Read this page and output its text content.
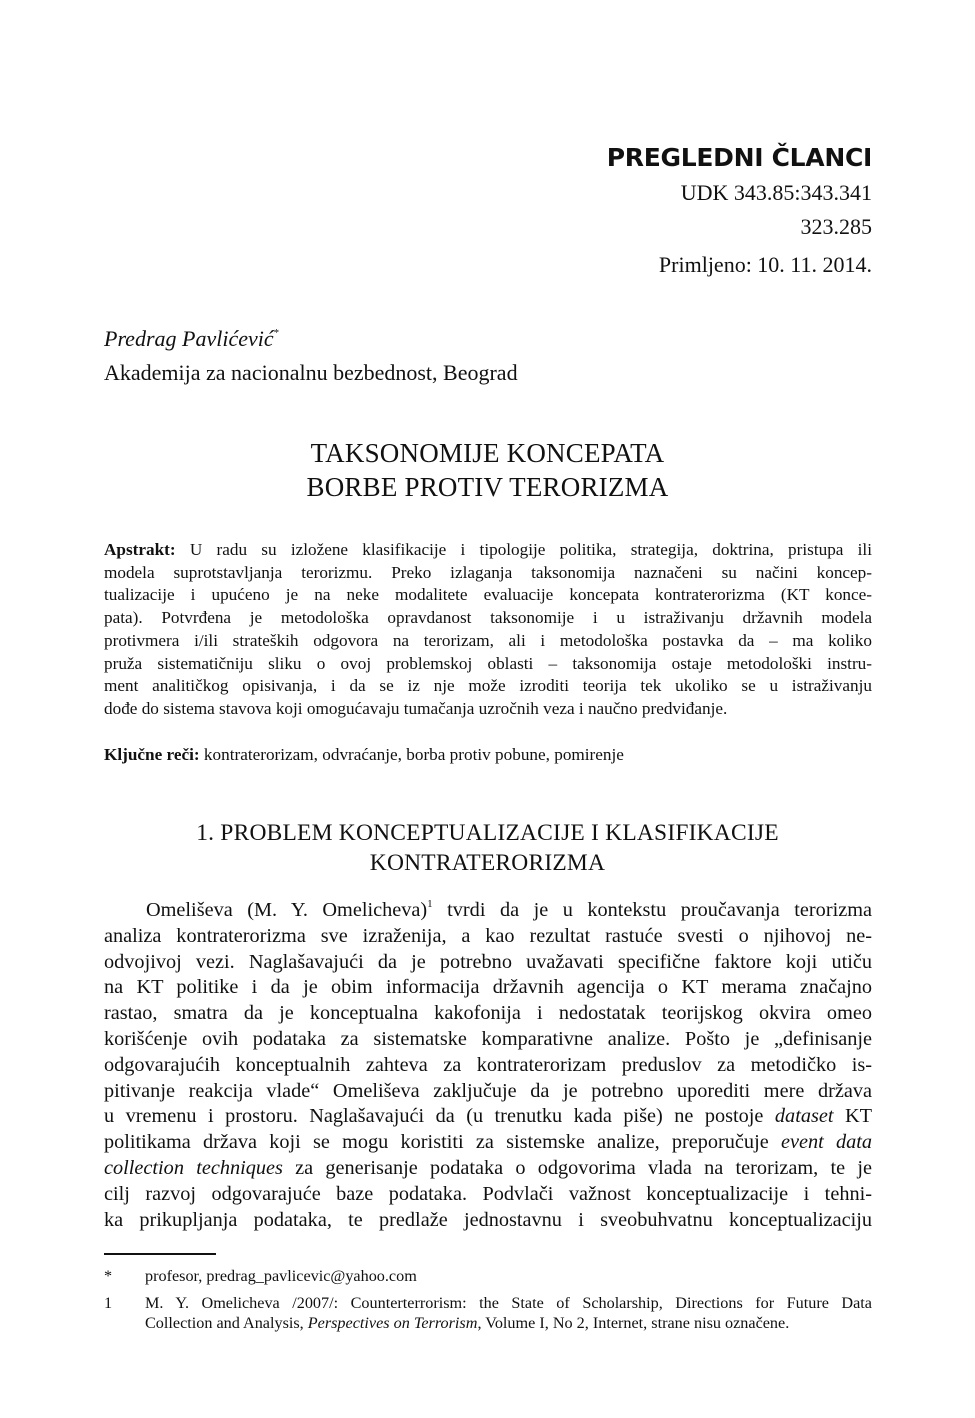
PREGLEDNI ČLANCI
UDK 343.85:343.341
323.285
Primljeno: 10. 11. 2014.
Predrag Pavlićević*
Akademija za nacionalnu bezbednost, Beograd
TAKSONOMIJE KONCEPATA
BORBE PROTIV TERORIZMA
Apstrakt: U radu su izložene klasifikacije i tipologije politika, strategija, doktrina, pristupa ili
modela suprotstavljanja terorizmu. Preko izlaganja taksonomija naznačeni su načini koncep-
tualizacije i upućeno je na neke modalitete evaluacije koncepata kontraterorizma (KT konce-
pata). Potvrđena je metodološka opravdanost taksonomije i u istraživanju državnih modela
protivmera i/ili strateških odgovora na terorizam, ali i metodološka postavka da – ma koliko
pruža sistematičniju sliku o ovoj problemskoj oblasti – taksonomija ostaje metodološki instru-
ment analitičkog opisivanja, i da se iz nje može izroditi teorija tek ukoliko se u istraživanju
dođe do sistema stavova koji omogućavaju tumačanja uzročnih veza i naučno predviđanje.
Ključne reči: kontraterorizam, odvraćanje, borba protiv pobune, pomirenje
1. PROBLEM KONCEPTUALIZACIJE I KLASIFIKACIJE
KONTRATERORIZMA
Omeliševa (M. Y. Omelicheva)$^1$ tvrdi da je u kontekstu proučavanja terorizma
analiza kontraterorizma sve izraženija, a kao rezultat rastuće svesti o njihovoj ne-
odvojivoj vezi. Naglašavajući da je potrebno uvažavati specifične faktore koji utiču
na KT politike i da je obim informacija državnih agencija o KT merama značajno
rastao, smatra da je konceptualna kakofonija i nedostatak teorijskog okvira omeo
korišćenje ovih podataka za sistematske komparativne analize. Pošto je „definisanje
odgovarajućih konceptualnih zahteva za kontraterorizam preduslov za metodičko is-
pitivanje reakcija vlade“ Omeliševa zaključuje da je potrebno uporediti mere država
u vremenu i prostoru. Naglašavajući da (u trenutku kada piše) ne postoje dataset KT
politikama država koji se mogu koristiti za sistemske analize, preporučuje event data
collection techniques za generisanje podataka o odgovorima vlada na terorizam, te je
cilj razvoj odgovarajuće baze podataka. Podvlači važnost konceptualizacije i tehni-
ka prikupljanja podataka, te predlaže jednostavnu i sveobuhvatnu konceptualizaciju
*	profesor, predrag_pavlicevic@yahoo.com
1	M. Y. Omelicheva /2007/: Counterterrorism: the State of Scholarship, Directions for Future Data
Collection and Analysis, Perspectives on Terrorism, Volume I, No 2, Internet, strane nisu označene.
